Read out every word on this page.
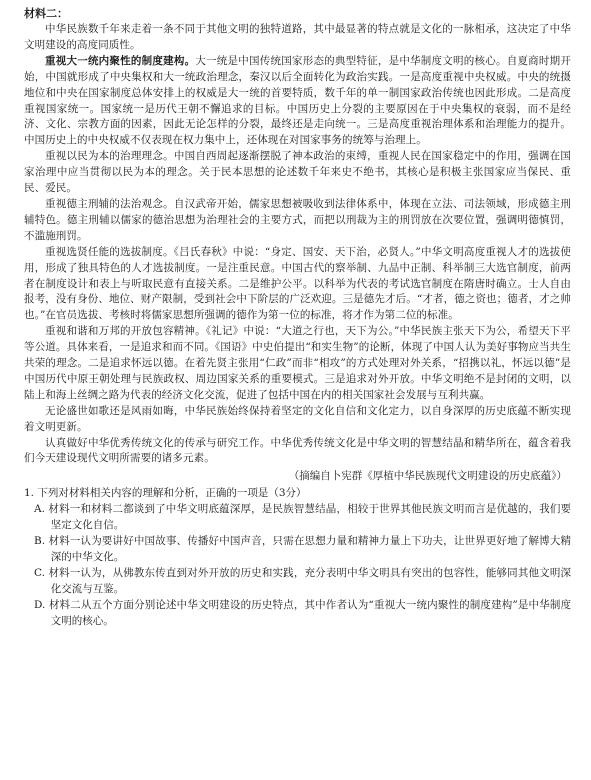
材料二：

中华民族数千年来走着一条不同于其他文明的独特道路，其中最显著的特点就是文化的一脉相承，这决定了中华文明建设的高度同质性。

重视大一统内聚性的制度建构。大一统是中国传统国家形态的典型特征，是中华制度文明的核心。自夏商时期开始，中国就形成了中央集权和大一统政治理念，秦汉以后全面转化为政治实践。一是高度重视中央权威。中央的统摄地位和中央在国家制度总体安排上的权威是大一统的首要特质，数千年的单一制国家政治传统也因此形成。二是高度重视国家统一。国家统一是历代王朝不懈追求的目标。中国历史上分裂的主要原因在于中央集权的衰弱，而不是经济、文化、宗教方面的因素，因此无论怎样的分裂，最终还是走向统一。三是高度重视治理体系和治理能力的提升。中国历史上的中央权威不仅表现在权力集中上，还体现在对国家事务的统筹与治理上。

重视以民为本的治理理念。中国自西周起逐渐摆脱了神本政治的束缚，重视人民在国家稳定中的作用，强调在国家治理中应当贯彻以民为本的理念。关于民本思想的论述数千年来史不绝书，其核心是积极主张国家应当保民、重民、爱民。

重视德主刑辅的法治观念。自汉武帝开始，儒家思想被吸收到法律体系中，体现在立法、司法领域，形成德主刑辅特色。德主刑辅以儒家的德治思想为治理社会的主要方式，而把以刑裁为主的刑罚放在次要位置，强调明德慎罚，不滥施刑罚。

重视选贤任能的选拔制度。《吕氏春秋》中说：“身定、国安、天下治，必贤人。”中华文明高度重视人才的选拔使用，形成了独具特色的人才选拔制度。一是注重民意。中国古代的察举制、九品中正制、科举制三大选官制度，前两者在制度设计和表上与听取民意有直接关系。二是维护公平。以科举为代表的考试选官制度在隋唐时确立。士人自由报考，没有身份、地位、财产限制，受到社会中下阶层的广泛欢迎。三是德先才后。“才者，德之资也；德者，才之帅也。”在官员选拔、考核时将儒家思想所强调的德作为第一位的标准，将才作为第二位的标准。

重视和谐和万邦的开放包容精神。《礼记》中说：“大道之行也，天下为公。”中华民族主张天下为公，希望天下平等公道。具体来看，一是追求和而不同。《国语》中史伯提出“和实生物”的论断，体现了中国人认为美好事物应当共生共荣的理念。二是追求怀远以德。在着先贤主张用“仁政”而非“相攻”的方式处理对外关系，“招携以礼，怀远以德”是中国历代中原王朝处理与民族政权、周边国家关系的重要模式。三是追求对外开放。中华文明绝不是封闭的文明，以陆上和海上丝绸之路为代表的经济文化交流，促进了包括中国在内的相关国家社会发展与互利共赢。

无论盛世如歌还是风雨如晦，中华民族始终保持着坚定的文化自信和文化定力，以自身深厚的历史底蕴不断实现着文明更新。

认真做好中华优秀传统文化的传承与研究工作。中华优秀传统文化是中华文明的智慧结晶和精华所在，蕴含着我们今天建设现代文明所需要的诸多元素。

（摘编自卜宪群《厚植中华民族现代文明建设的历史底蕴》）

1. 下列对材料相关内容的理解和分析，正确的一项是（3分）

A. 材料一和材料二都谈到了中华文明底蕴深厚，是民族智慧结晶，相较于世界其他民族文明而言是优越的，我们要坚定文化自信。

B. 材料一认为要讲好中国故事、传播好中国声音，只需在思想力量和精神力量上下功夫，让世界更好地了解博大精深的中华文化。

C. 材料一认为，从佛教东传直到对外开放的历史和实践，充分表明中华文明具有突出的包容性，能够同其他文明深化交流与互鉴。

D. 材料二从五个方面分别论述中华文明建设的历史特点，其中作者认为“重视大一统内聚性的制度建构”是中华制度文明的核心。
